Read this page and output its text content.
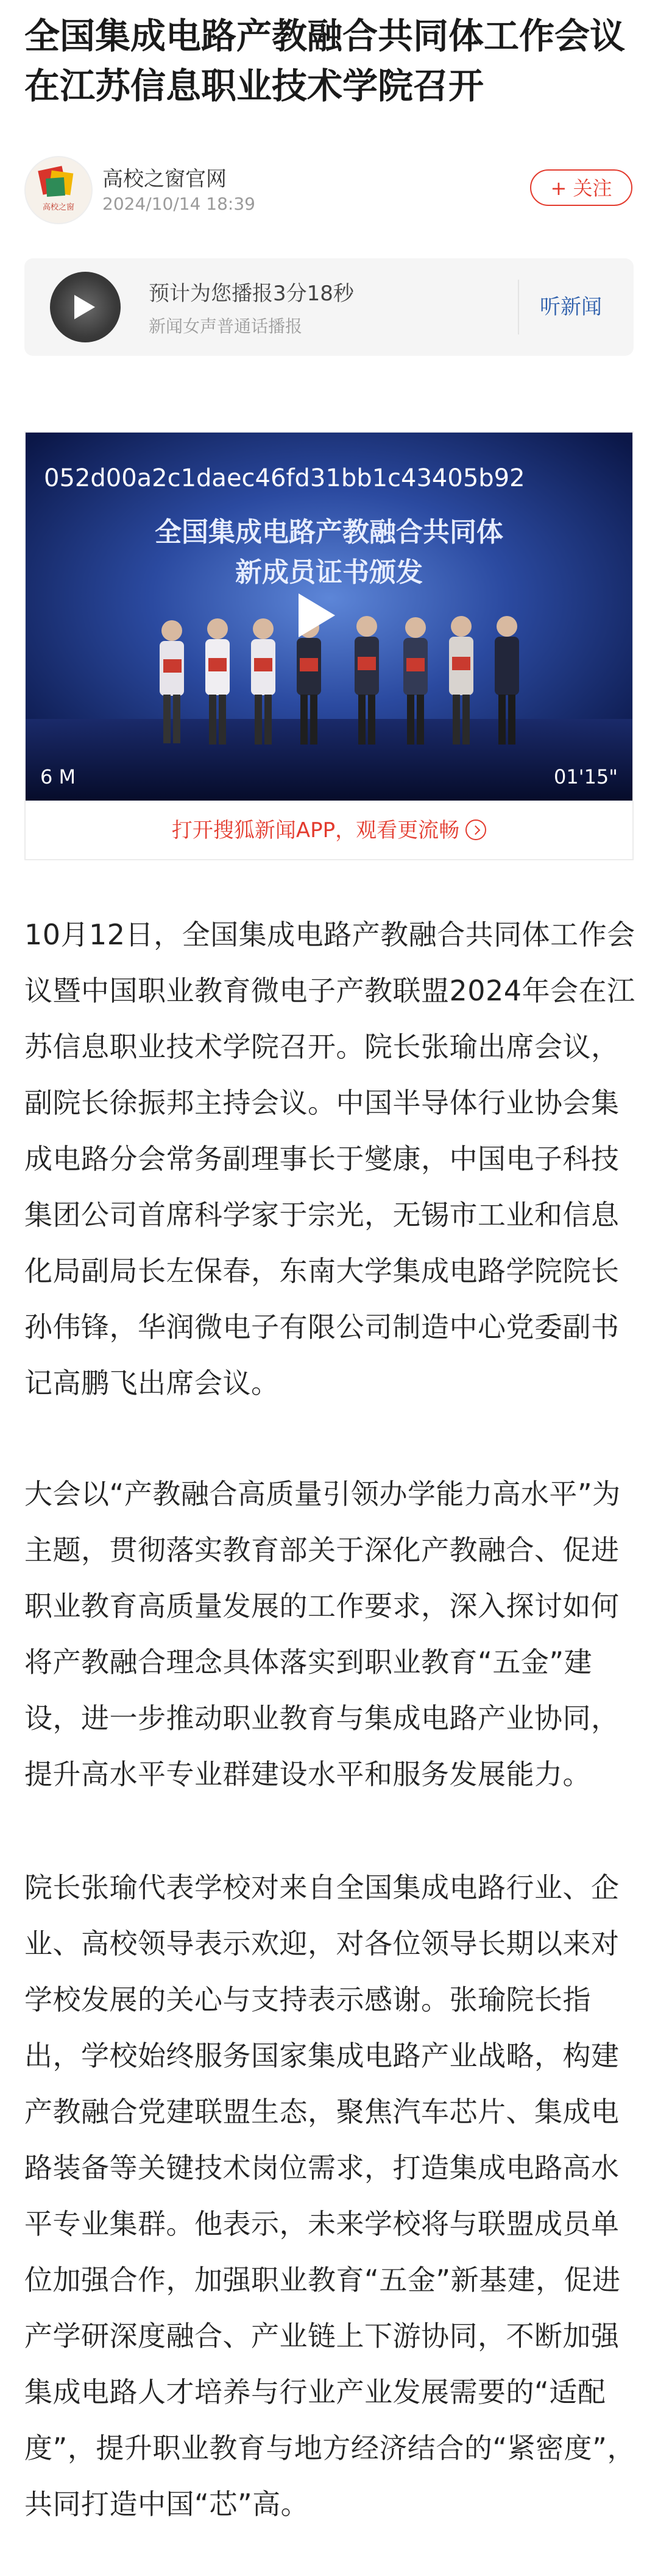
全国集成电路产教融合共同体工作会议在江苏信息职业技术学院召开
高校之窗
高校之窗官网
2024/10/14 18:39
+ 关注
预计为您播报3分18秒
新闻女声普通话播报
听新闻
全国集成电路产教融合共同体
新成员证书颁发
052d00a2c1daec46fd31bb1c43405b92
6 M	01'15"
打开搜狐新闻APP，观看更流畅

10月12日，全国集成电路产教融合共同体工作会议暨中国职业教育微电子产教联盟2024年会在江苏信息职业技术学院召开。院长张瑜出席会议，副院长徐振邦主持会议。中国半导体行业协会集成电路分会常务副理事长于燮康，中国电子科技集团公司首席科学家于宗光，无锡市工业和信息化局副局长左保春，东南大学集成电路学院院长孙伟锋，华润微电子有限公司制造中心党委副书记高鹏飞出席会议。

大会以“产教融合高质量引领办学能力高水平”为主题，贯彻落实教育部关于深化产教融合、促进职业教育高质量发展的工作要求，深入探讨如何将产教融合理念具体落实到职业教育“五金”建设，进一步推动职业教育与集成电路产业协同，提升高水平专业群建设水平和服务发展能力。

院长张瑜代表学校对来自全国集成电路行业、企业、高校领导表示欢迎，对各位领导长期以来对学校发展的关心与支持表示感谢。张瑜院长指出，学校始终服务国家集成电路产业战略，构建产教融合党建联盟生态，聚焦汽车芯片、集成电路装备等关键技术岗位需求，打造集成电路高水平专业集群。他表示，未来学校将与联盟成员单位加强合作，加强职业教育“五金”新基建，促进产学研深度融合、产业链上下游协同，不断加强集成电路人才培养与行业产业发展需要的“适配度”，提升职业教育与地方经济结合的“紧密度”，共同打造中国“芯”高。
